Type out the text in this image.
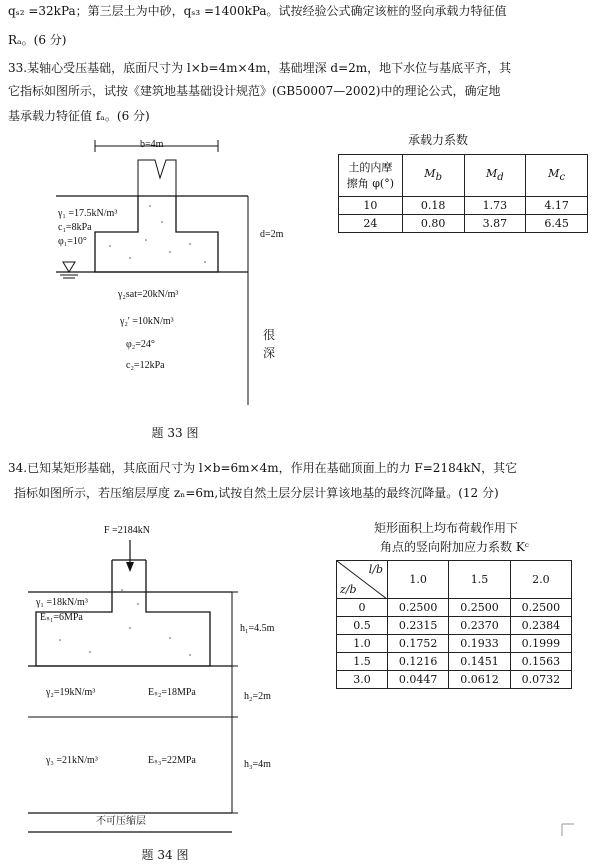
qₛ₂ =32kPa；第三层土为中砂，qₛ₃ =1400kPa。试按经验公式确定该桩的竖向承载力特征值
Rₐ。(6 分)
33.某轴心受压基础，底面尺寸为 l×b=4m×4m，基础埋深 d=2m，地下水位与基底平齐，其
它指标如图所示，试按《建筑地基基础设计规范》(GB50007—2002)中的理论公式，确定地
基承载力特征值 fₐ。(6 分)
b=4m
d=2m
γ₁ =17.5kN/m³
c₁=8kPa
φ₁=10°
γ₂sat=20kN/m³
γ₂' =10kN/m³
φ₂=24°
c₂=12kPa
很
深
题 33 图
承载力系数
土的内摩
擦角 φ(°)	$M_b$	$M_d$	$M_c$
10	0.18	1.73	4.17
24	0.80	3.87	6.45
34.已知某矩形基础，其底面尺寸为 l×b=6m×4m，作用在基础顶面上的力 F=2184kN，其它
指标如图所示，若压缩层厚度 zₙ=6m,试按自然土层分层计算该地基的最终沉降量。(12 分)
F =2184kN
γ₁ =18kN/m³
Eₛ₁=6MPa
h₁=4.5m
γ₂=19kN/m³	Eₛ₂=18MPa	h₂=2m
γ₃ =21kN/m³	Eₛ₃=22MPa	h₃=4m
不可压缩层
题 34 图
矩形面积上均布荷载作用下
角点的竖向附加应力系数 Kᶜ
l/b
z/b	1.0	1.5	2.0
0	0.2500	0.2500	0.2500
0.5	0.2315	0.2370	0.2384
1.0	0.1752	0.1933	0.1999
1.5	0.1216	0.1451	0.1563
3.0	0.0447	0.0612	0.0732
